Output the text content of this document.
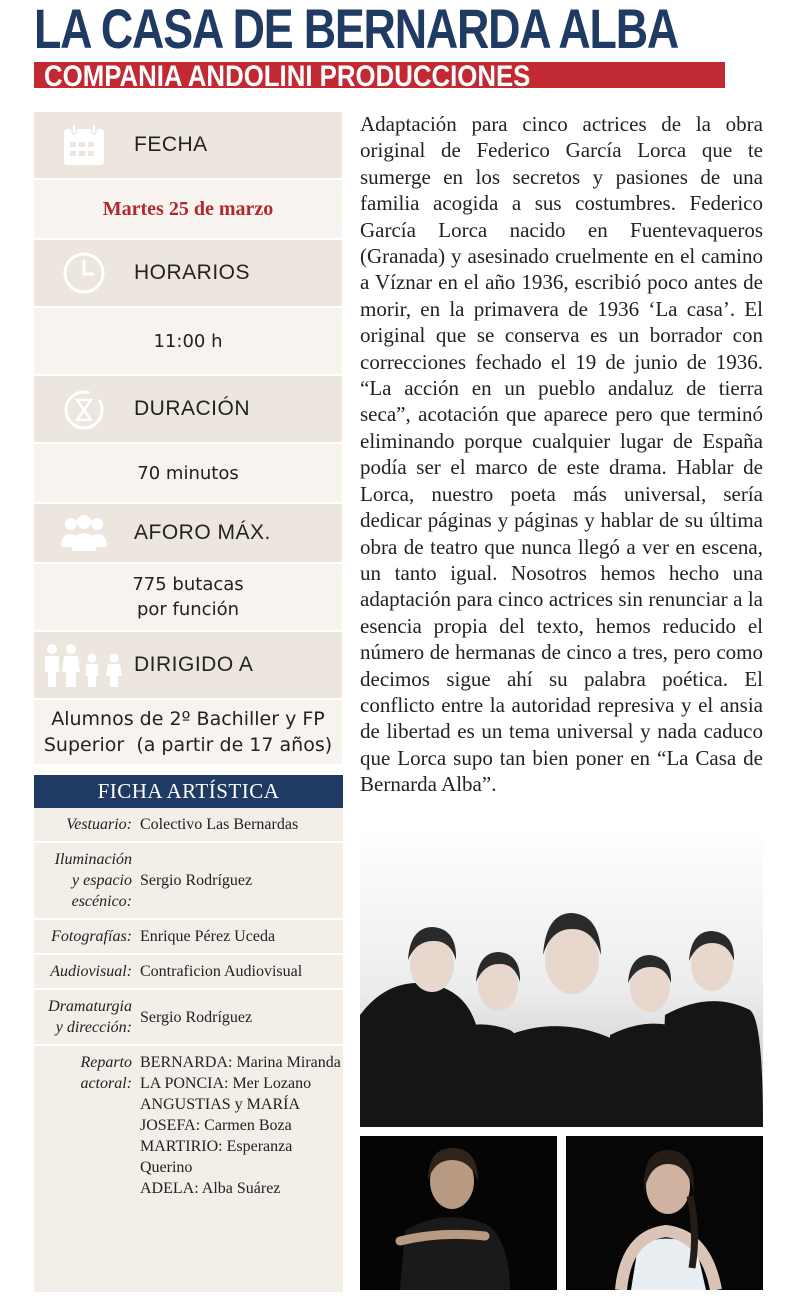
LA CASA DE BERNARDA ALBA
COMPANIA ANDOLINI PRODUCCIONES
FECHA
Martes 25 de marzo
HORARIOS
11:00 h
DURACIÓN
70 minutos
AFORO MÁX.
775 butacas
por función
DIRIGIDO A
Alumnos de 2º Bachiller y FP
Superior  (a partir de 17 años)
FICHA ARTÍSTICA
Vestuario: Colectivo Las Bernardas
Iluminación
y espacio
escénico:
Sergio Rodríguez
Fotografías: Enrique Pérez Uceda
Audiovisual: Contraficion Audiovisual
Dramaturgia
y dirección:
Sergio Rodríguez
Reparto
actoral:
BERNARDA: Marina Miranda
LA PONCIA: Mer Lozano
ANGUSTIAS y MARÍA
JOSEFA: Carmen Boza
MARTIRIO: Esperanza
Querino
ADELA: Alba Suárez

Adaptación para cinco actrices de la obra original de Federico García Lorca que te sumerge en los secretos y pasiones de una familia acogida a sus costumbres. Federico García Lorca nacido en Fuentevaqueros (Granada) y asesinado cruelmente en el camino a Víznar en el año 1936, escribió poco antes de morir, en la primavera de 1936 ‘La casa’. El original que se conserva es un borrador con correcciones fechado el 19 de junio de 1936. “La acción en un pueblo andaluz de tierra seca”, acotación que aparece pero que terminó eliminando porque cualquier lugar de España podía ser el marco de este drama. Hablar de Lorca, nuestro poeta más universal, sería dedicar páginas y páginas y hablar de su última obra de teatro que nunca llegó a ver en escena, un tanto igual. Nosotros hemos hecho una adaptación para cinco actrices sin renunciar a la esencia propia del texto, hemos reducido el número de hermanas de cinco a tres, pero como decimos sigue ahí su palabra poética. El conflicto entre la autoridad represiva y el ansia de libertad es un tema universal y nada caduco que Lorca supo tan bien poner en “La Casa de Bernarda Alba”.
